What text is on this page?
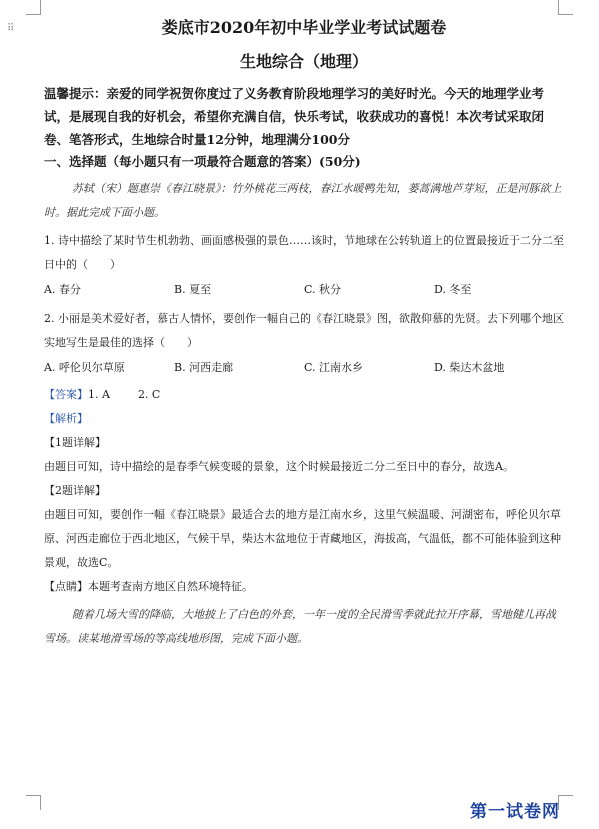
⠿	娄底市2020年初中毕业学业考试试题卷
生地综合（地理）
温馨提示：亲爱的同学祝贺你度过了义务教育阶段地理学习的美好时光。今天的地理学业考试，是展现自我的好机会，希望你充满自信，快乐考试，收获成功的喜悦！本次考试采取闭卷、笔答形式，生地综合时量12分钟，地理满分100分
一、选择题（每小题只有一项最符合题意的答案）(50分)
苏轼（宋）题惠崇《春江晓景》：竹外桃花三两枝，春江水暖鸭先知，蒌蒿满地芦芽短，正是河豚欲上时。据此完成下面小题。
1. 诗中描绘了某时节生机勃勃、画面感极强的景色……该时，节地球在公转轨道上的位置最接近于二分二至日中的（　　）
A. 春分	B. 夏至	C. 秋分	D. 冬至
2. 小丽是美术爱好者，慕古人情怀，要创作一幅自己的《春江晓景》图，欲散仰慕的先贤。去下列哪个地区实地写生是最佳的选择（　　）
A. 呼伦贝尔草原	B. 河西走廊	C. 江南水乡	D. 柴达木盆地
【答案】1. A	2. C
【解析】
【1题详解】
由题目可知，诗中描绘的是春季气候变暖的景象，这个时候最接近二分二至日中的春分，故选A。
【2题详解】
由题目可知，要创作一幅《春江晓景》最适合去的地方是江南水乡，这里气候温暖、河湖密布，呼伦贝尔草原、河西走廊位于西北地区，气候干旱，柴达木盆地位于青藏地区，海拔高，气温低，都不可能体验到这种景观，故选C。
【点睛】本题考查南方地区自然环境特征。
随着几场大雪的降临，大地披上了白色的外套，一年一度的全民滑雪季就此拉开序幕，雪地健儿再战雪场。读某地滑雪场的等高线地形图，完成下面小题。
第一试卷网
